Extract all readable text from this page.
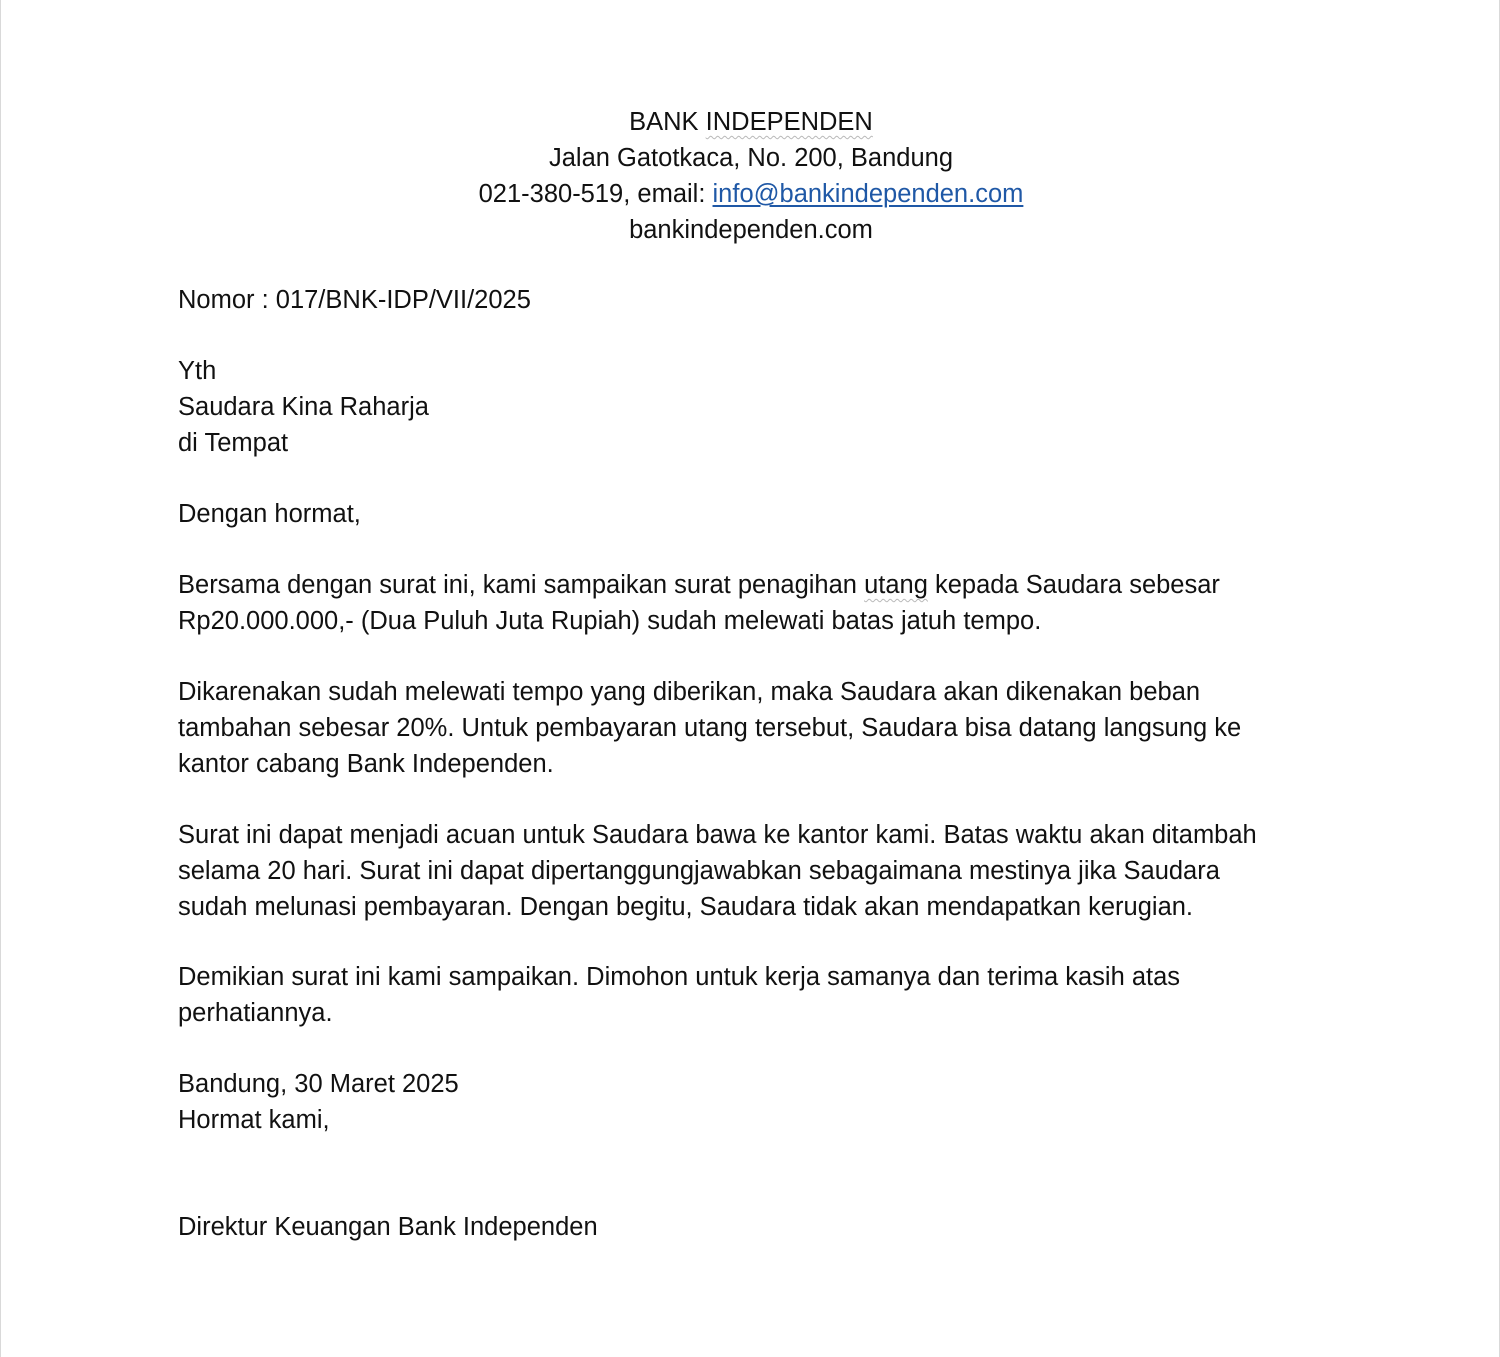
BANK INDEPENDEN
Jalan Gatotkaca, No. 200, Bandung
021-380-519, email: info@bankindependen.com
bankindependen.com
Nomor : 017/BNK-IDP/VII/2025
Yth
Saudara Kina Raharja
di Tempat
Dengan hormat,
Bersama dengan surat ini, kami sampaikan surat penagihan utang kepada Saudara sebesar
Rp20.000.000,- (Dua Puluh Juta Rupiah) sudah melewati batas jatuh tempo.
Dikarenakan sudah melewati tempo yang diberikan, maka Saudara akan dikenakan beban
tambahan sebesar 20%. Untuk pembayaran utang tersebut, Saudara bisa datang langsung ke
kantor cabang Bank Independen.
Surat ini dapat menjadi acuan untuk Saudara bawa ke kantor kami. Batas waktu akan ditambah
selama 20 hari. Surat ini dapat dipertanggungjawabkan sebagaimana mestinya jika Saudara
sudah melunasi pembayaran. Dengan begitu, Saudara tidak akan mendapatkan kerugian.
Demikian surat ini kami sampaikan. Dimohon untuk kerja samanya dan terima kasih atas
perhatiannya.
Bandung, 30 Maret 2025
Hormat kami,
Direktur Keuangan Bank Independen
